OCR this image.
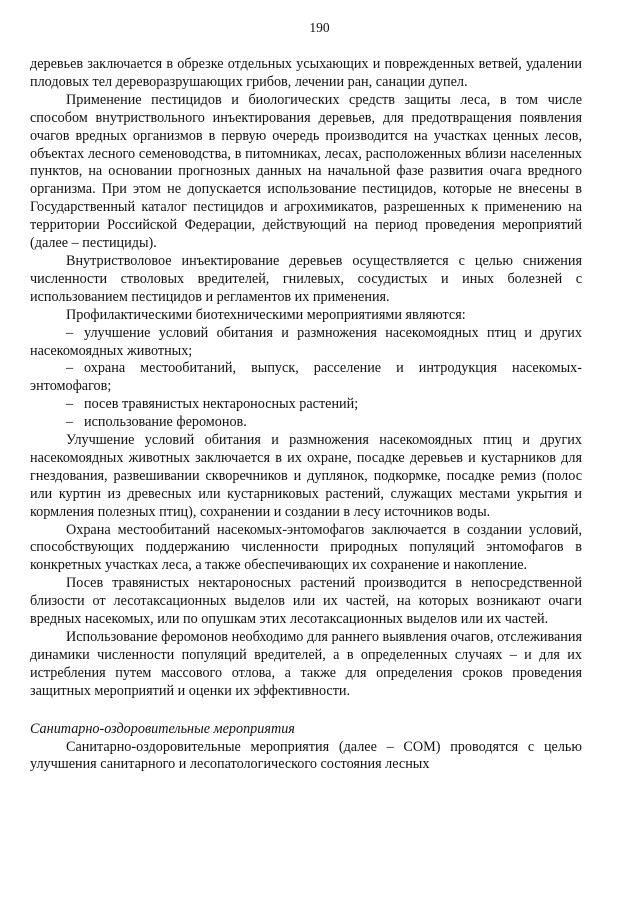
190

деревьев заключается в обрезке отдельных усыхающих и поврежденных ветвей, удалении плодовых тел дереворазрушающих грибов, лечении ран, санации дупел.

Применение пестицидов и биологических средств защиты леса, в том числе способом внутриствольного инъектирования деревьев, для предотвращения появления очагов вредных организмов в первую очередь производится на участках ценных лесов, объектах лесного семеноводства, в питомниках, лесах, расположенных вблизи населенных пунктов, на основании прогнозных данных на начальной фазе развития очага вредного организма. При этом не допускается использование пестицидов, которые не внесены в Государственный каталог пестицидов и агрохимикатов, разрешенных к применению на территории Российской Федерации, действующий на период проведения мероприятий (далее – пестициды).

Внутристволовое инъектирование деревьев осуществляется с целью снижения численности стволовых вредителей, гнилевых, сосудистых и иных болезней с использованием пестицидов и регламентов их применения.

Профилактическими биотехническими мероприятиями являются:

– улучшение условий обитания и размножения насекомоядных птиц и других насекомоядных животных;

– охрана местообитаний, выпуск, расселение и интродукция насекомых-энтомофагов;

– посев травянистых нектароносных растений;

– использование феромонов.

Улучшение условий обитания и размножения насекомоядных птиц и других насекомоядных животных заключается в их охране, посадке деревьев и кустарников для гнездования, развешивании скворечников и дуплянок, подкормке, посадке ремиз (полос или куртин из древесных или кустарниковых растений, служащих местами укрытия и кормления полезных птиц), сохранении и создании в лесу источников воды.

Охрана местообитаний насекомых-энтомофагов заключается в создании условий, способствующих поддержанию численности природных популяций энтомофагов в конкретных участках леса, а также обеспечивающих их сохранение и накопление.

Посев травянистых нектароносных растений производится в непосредственной близости от лесотаксационных выделов или их частей, на которых возникают очаги вредных насекомых, или по опушкам этих лесотаксационных выделов или их частей.

Использование феромонов необходимо для раннего выявления очагов, отслеживания динамики численности популяций вредителей, а в определенных случаях – и для их истребления путем массового отлова, а также для определения сроков проведения защитных мероприятий и оценки их эффективности.

Санитарно-оздоровительные мероприятия

Санитарно-оздоровительные мероприятия (далее – СОМ) проводятся с целью улучшения санитарного и лесопатологического состояния лесных
